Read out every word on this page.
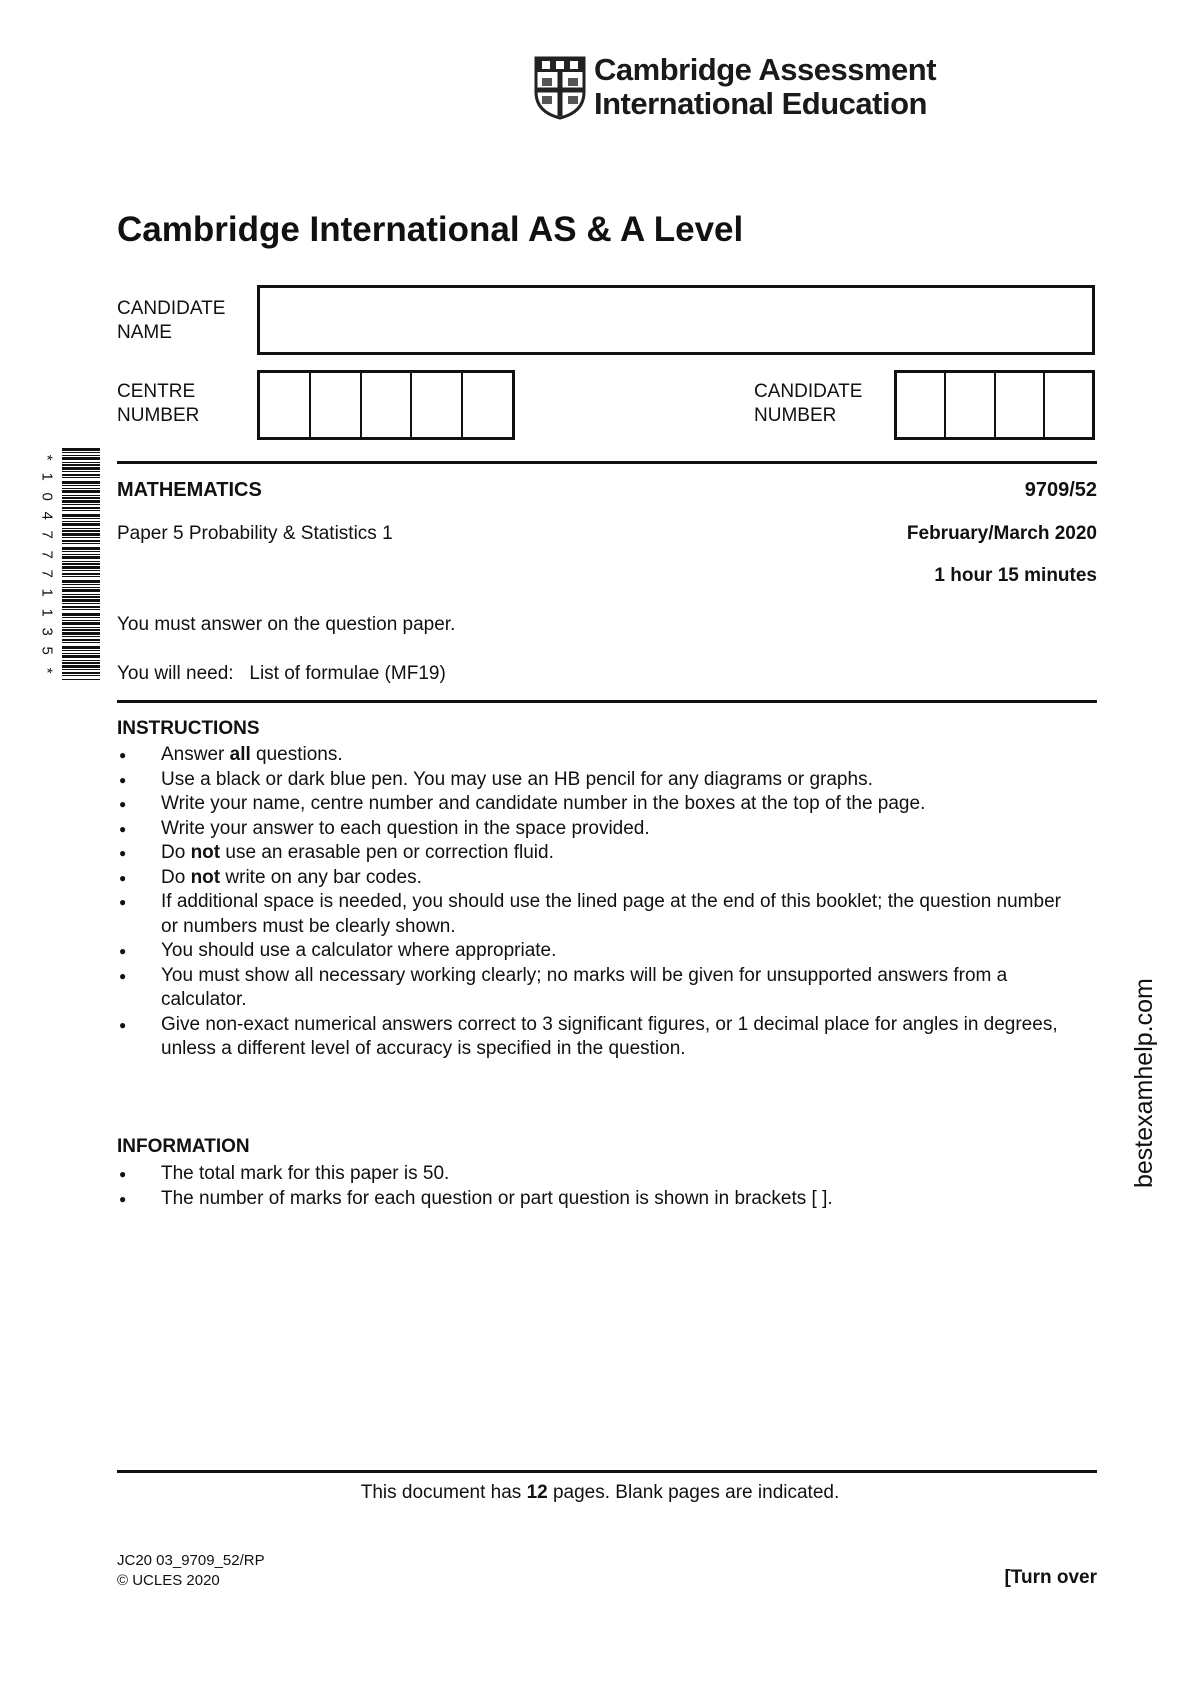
Cambridge Assessment
International Education
Cambridge International AS & A Level
CANDIDATE
NAME
CENTRE
NUMBER
CANDIDATE
NUMBER
MATHEMATICS	9709/52
Paper 5 Probability & Statistics 1	February/March 2020
1 hour 15 minutes
You must answer on the question paper.
You will need:   List of formulae (MF19)
INSTRUCTIONS
● Answer all questions.
● Use a black or dark blue pen. You may use an HB pencil for any diagrams or graphs.
● Write your name, centre number and candidate number in the boxes at the top of the page.
● Write your answer to each question in the space provided.
● Do not use an erasable pen or correction fluid.
● Do not write on any bar codes.
● If additional space is needed, you should use the lined page at the end of this booklet; the question number or numbers must be clearly shown.
● You should use a calculator where appropriate.
● You must show all necessary working clearly; no marks will be given for unsupported answers from a calculator.
● Give non-exact numerical answers correct to 3 significant figures, or 1 decimal place for angles in degrees, unless a different level of accuracy is specified in the question.
INFORMATION
● The total mark for this paper is 50.
● The number of marks for each question or part question is shown in brackets [ ].
This document has 12 pages. Blank pages are indicated.
JC20 03_9709_52/RP
© UCLES 2020	[Turn over
bestexamhelp.com
*
1
0
4
7
7
7
1
1
3
5
*
